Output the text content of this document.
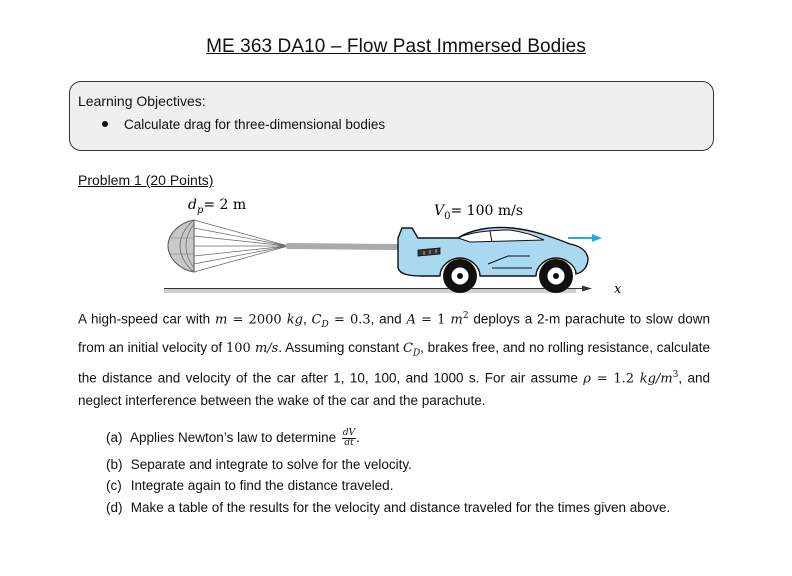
ME 363 DA10 – Flow Past Immersed Bodies
Learning Objectives:
Calculate drag for three-dimensional bodies
Problem 1 (20 Points)
$d_p= 2$ m	$V_0= 100$ m/s
x

A high-speed car with m = 2000 kg, $C_D = 0.3$, and A = 1 $m^2$ deploys a 2-m parachute to slow down from an initial velocity of 100 m/s. Assuming constant $C_D$, brakes free, and no rolling resistance, calculate the distance and velocity of the car after 1, 10, 100, and 1000 s. For air assume ρ = 1.2 $kg/m^3$, and neglect interference between the wake of the car and the parachute.

(a) Applies Newton’s law to determine $\frac{dV}{dt}$ .
(b) Separate and integrate to solve for the velocity.
(c) Integrate again to find the distance traveled.
(d) Make a table of the results for the velocity and distance traveled for the times given above.
